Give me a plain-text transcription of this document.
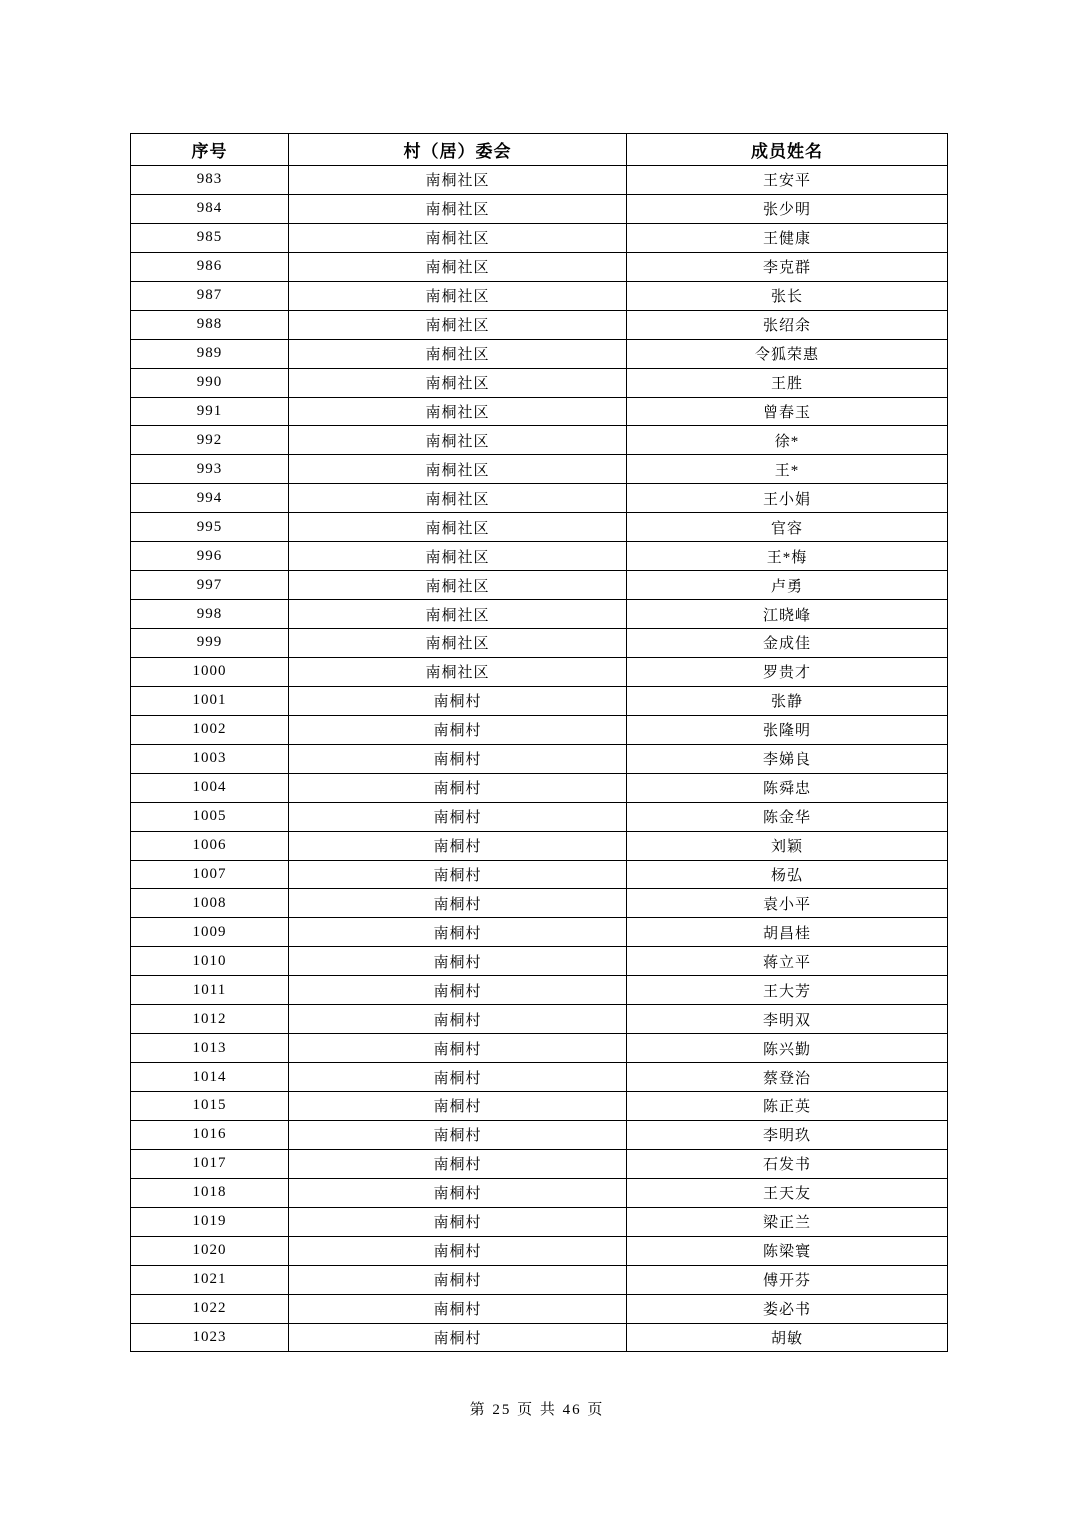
序号	村（居）委会	成员姓名
983	南桐社区	王安平
984	南桐社区	张少明
985	南桐社区	王健康
986	南桐社区	李克群
987	南桐社区	张长
988	南桐社区	张绍余
989	南桐社区	令狐荣惠
990	南桐社区	王胜
991	南桐社区	曾春玉
992	南桐社区	徐*
993	南桐社区	王*
994	南桐社区	王小娟
995	南桐社区	官容
996	南桐社区	王*梅
997	南桐社区	卢勇
998	南桐社区	江晓峰
999	南桐社区	金成佳
1000	南桐社区	罗贵才
1001	南桐村	张静
1002	南桐村	张隆明
1003	南桐村	李娣良
1004	南桐村	陈舜忠
1005	南桐村	陈金华
1006	南桐村	刘颖
1007	南桐村	杨弘
1008	南桐村	袁小平
1009	南桐村	胡昌桂
1010	南桐村	蒋立平
1011	南桐村	王大芳
1012	南桐村	李明双
1013	南桐村	陈兴勤
1014	南桐村	蔡登治
1015	南桐村	陈正英
1016	南桐村	李明玖
1017	南桐村	石发书
1018	南桐村	王天友
1019	南桐村	梁正兰
1020	南桐村	陈梁寰
1021	南桐村	傅开芬
1022	南桐村	娄必书
1023	南桐村	胡敏
第 25 页 共 46 页
